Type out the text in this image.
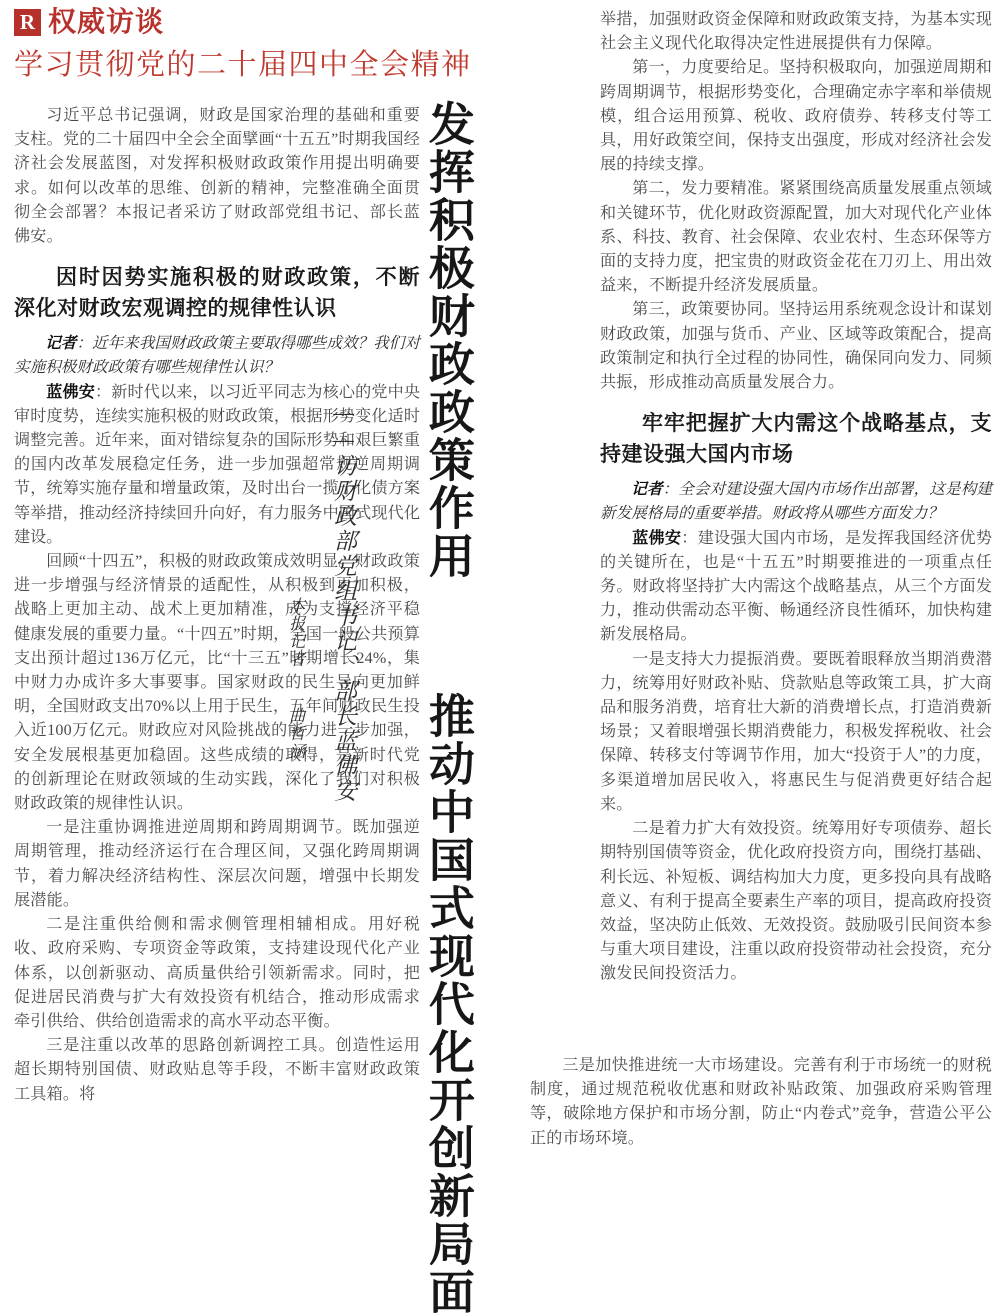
R 权威访谈
学习贯彻党的二十届四中全会精神

习近平总书记强调，财政是国家治理的基础和重要支柱。党的二十届四中全会全面擘画“十五五”时期我国经济社会发展蓝图，对发挥积极财政政策作用提出明确要求。如何以改革的思维、创新的精神，完整准确全面贯彻全会部署？本报记者采访了财政部党组书记、部长蓝佛安。

因时因势实施积极的财政政策，不断深化对财政宏观调控的规律性认识

记者：近年来我国财政政策主要取得哪些成效？我们对实施积极财政政策有哪些规律性认识？

蓝佛安：新时代以来，以习近平同志为核心的党中央审时度势，连续实施积极的财政政策，根据形势变化适时调整完善。近年来，面对错综复杂的国际形势和艰巨繁重的国内改革发展稳定任务，进一步加强超常规逆周期调节，统筹实施存量和增量政策，及时出台一揽子化债方案等举措，推动经济持续回升向好，有力服务中国式现代化建设。

回顾“十四五”，积极的财政政策成效明显。财政政策进一步增强与经济情景的适配性，从积极到更加积极，战略上更加主动、战术上更加精准，成为支撑经济平稳健康发展的重要力量。“十四五”时期，全国一般公共预算支出预计超过136万亿元，比“十三五”时期增长24%，集中财力办成许多大事要事。国家财政的民生导向更加鲜明，全国财政支出70%以上用于民生，五年间财政民生投入近100万亿元。财政应对风险挑战的能力进一步加强，安全发展根基更加稳固。这些成绩的取得，是新时代党的创新理论在财政领域的生动实践，深化了我们对积极财政政策的规律性认识。

一是注重协调推进逆周期和跨周期调节。既加强逆周期管理，推动经济运行在合理区间，又强化跨周期调节，着力解决经济结构性、深层次问题，增强中长期发展潜能。

二是注重供给侧和需求侧管理相辅相成。用好税收、政府采购、专项资金等政策，支持建设现代化产业体系，以创新驱动、高质量供给引领新需求。同时，把促进居民消费与扩大有效投资有机结合，推动形成需求牵引供给、供给创造需求的高水平动态平衡。

三是注重以改革的思路创新调控工具。创造性运用超长期特别国债、财政贴息等手段，不断丰富财政政策工具箱。将	发挥积极财政政策作用  推动中国式现代化开创新局面
——访财政部党组书记、部长蓝佛安
本报记者  曲哲涵

举措，加强财政资金保障和财政政策支持，为基本实现社会主义现代化取得决定性进展提供有力保障。

第一，力度要给足。坚持积极取向，加强逆周期和跨周期调节，根据形势变化，合理确定赤字率和举债规模，组合运用预算、税收、政府债券、转移支付等工具，用好政策空间，保持支出强度，形成对经济社会发展的持续支撑。

第二，发力要精准。紧紧围绕高质量发展重点领域和关键环节，优化财政资源配置，加大对现代化产业体系、科技、教育、社会保障、农业农村、生态环保等方面的支持力度，把宝贵的财政资金花在刀刃上、用出效益来，不断提升经济发展质量。

第三，政策要协同。坚持运用系统观念设计和谋划财政政策，加强与货币、产业、区域等政策配合，提高政策制定和执行全过程的协同性，确保同向发力、同频共振，形成推动高质量发展合力。

牢牢把握扩大内需这个战略基点，支持建设强大国内市场

记者：全会对建设强大国内市场作出部署，这是构建新发展格局的重要举措。财政将从哪些方面发力？

蓝佛安：建设强大国内市场，是发挥我国经济优势的关键所在，也是“十五五”时期要推进的一项重点任务。财政将坚持扩大内需这个战略基点，从三个方面发力，推动供需动态平衡、畅通经济良性循环，加快构建新发展格局。

一是支持大力提振消费。要既着眼释放当期消费潜力，统筹用好财政补贴、贷款贴息等政策工具，扩大商品和服务消费，培育壮大新的消费增长点，打造消费新场景；又着眼增强长期消费能力，积极发挥税收、社会保障、转移支付等调节作用，加大“投资于人”的力度，多渠道增加居民收入，将惠民生与促消费更好结合起来。

二是着力扩大有效投资。统筹用好专项债券、超长期特别国债等资金，优化政府投资方向，围绕打基础、利长远、补短板、调结构加大力度，更多投向具有战略意义、有利于提高全要素生产率的项目，提高政府投资效益，坚决防止低效、无效投资。鼓励吸引民间资本参与重大项目建设，注重以政府投资带动社会投资，充分激发民间投资活力。

三是加快推进统一大市场建设。完善有利于市场统一的财税制度，通过规范税收优惠和财政补贴政策、加强政府采购管理等，破除地方保护和市场分割，防止“内卷式”竞争，营造公平公正的市场环境。
